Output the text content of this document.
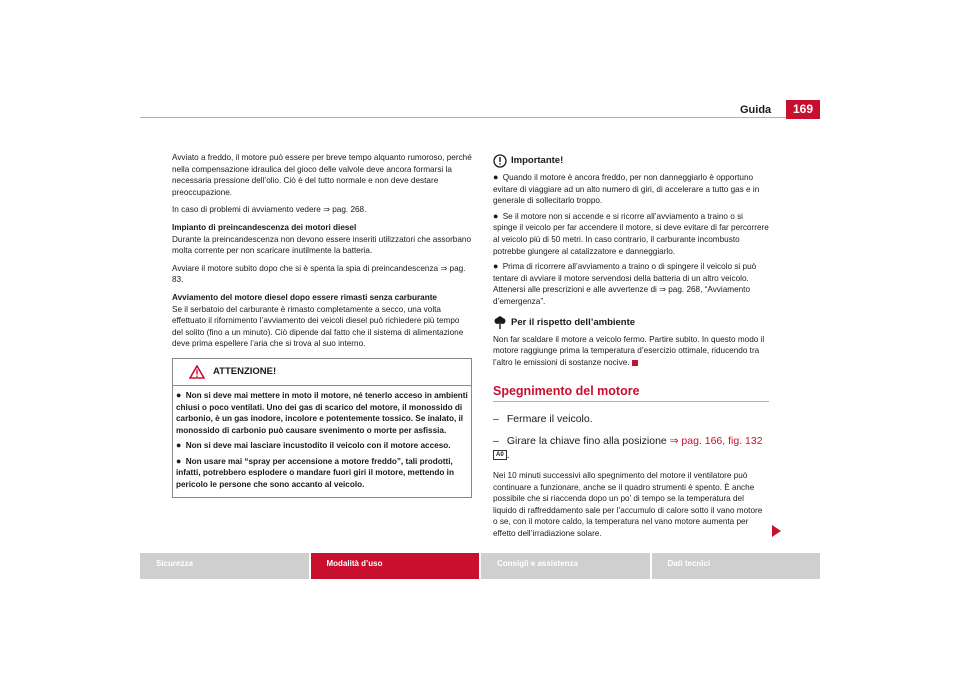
Guida	169

Avviato a freddo, il motore può essere per breve tempo alquanto rumoroso, perché nella compensazione idraulica del gioco delle valvole deve ancora formarsi la necessaria pressione dell’olio. Ciò è del tutto normale e non deve destare preoccupazione.

In caso di problemi di avviamento vedere ⇒ pag. 268.

Impianto di preincandescenza dei motori diesel

Durante la preincandescenza non devono essere inseriti utilizzatori che assorbano molta corrente per non scaricare inutilmente la batteria.

Avviare il motore subito dopo che si è spenta la spia di preincandescenza ⇒ pag. 83.

Avviamento del motore diesel dopo essere rimasti senza carburante

Se il serbatoio del carburante è rimasto completamente a secco, una volta effettuato il rifornimento l’avviamento dei veicoli diesel può richiedere più tempo del solito (fino a un minuto). Ciò dipende dal fatto che il sistema di alimentazione deve prima espellere l’aria che si trova al suo interno.

ATTENZIONE!

● Non si deve mai mettere in moto il motore, né tenerlo acceso in ambienti chiusi o poco ventilati. Uno dei gas di scarico del motore, il monossido di carbonio, è un gas inodore, incolore e potentemente tossico. Se inalato, il monossido di carbonio può causare svenimento o morte per asfissia.

● Non si deve mai lasciare incustodito il veicolo con il motore acceso.

● Non usare mai “spray per accensione a motore freddo”, tali prodotti, infatti, potrebbero esplodere o mandare fuori giri il motore, mettendo in pericolo le persone che sono accanto al veicolo.

Importante!

● Quando il motore è ancora freddo, per non danneggiarlo è opportuno evitare di viaggiare ad un alto numero di giri, di accelerare a tutto gas e in generale di sollecitarlo troppo.

● Se il motore non si accende e si ricorre all’avviamento a traino o si spinge il veicolo per far accendere il motore, si deve evitare di far percorrere al veicolo più di 50 metri. In caso contrario, il carburante incombusto potrebbe giungere al catalizzatore e danneggiarlo.

● Prima di ricorrere all’avviamento a traino o di spingere il veicolo si può tentare di avviare il motore servendosi della batteria di un altro veicolo. Attenersi alle prescrizioni e alle avvertenze di ⇒ pag. 268, “Avviamento d’emergenza”.

Per il rispetto dell’ambiente

Non far scaldare il motore a veicolo fermo. Partire subito. In questo modo il motore raggiunge prima la temperatura d’esercizio ottimale, riducendo tra l’altro le emissioni di sostanze nocive.

Spegnimento del motore

– Fermare il veicolo.

– Girare la chiave fino alla posizione ⇒ pag. 166, fig. 132 A0 .

Nei 10 minuti successivi allo spegnimento del motore il ventilatore può continuare a funzionare, anche se il quadro strumenti è spento. È anche possibile che si riaccenda dopo un po’ di tempo se la temperatura del liquido di raffreddamento sale per l’accumulo di calore sotto il vano motore o se, con il motore caldo, la temperatura nel vano motore aumenta per effetto dell’irradiazione solare.

Sicurezza	Modalità d’uso	Consigli e assistenza	Dati tecnici
